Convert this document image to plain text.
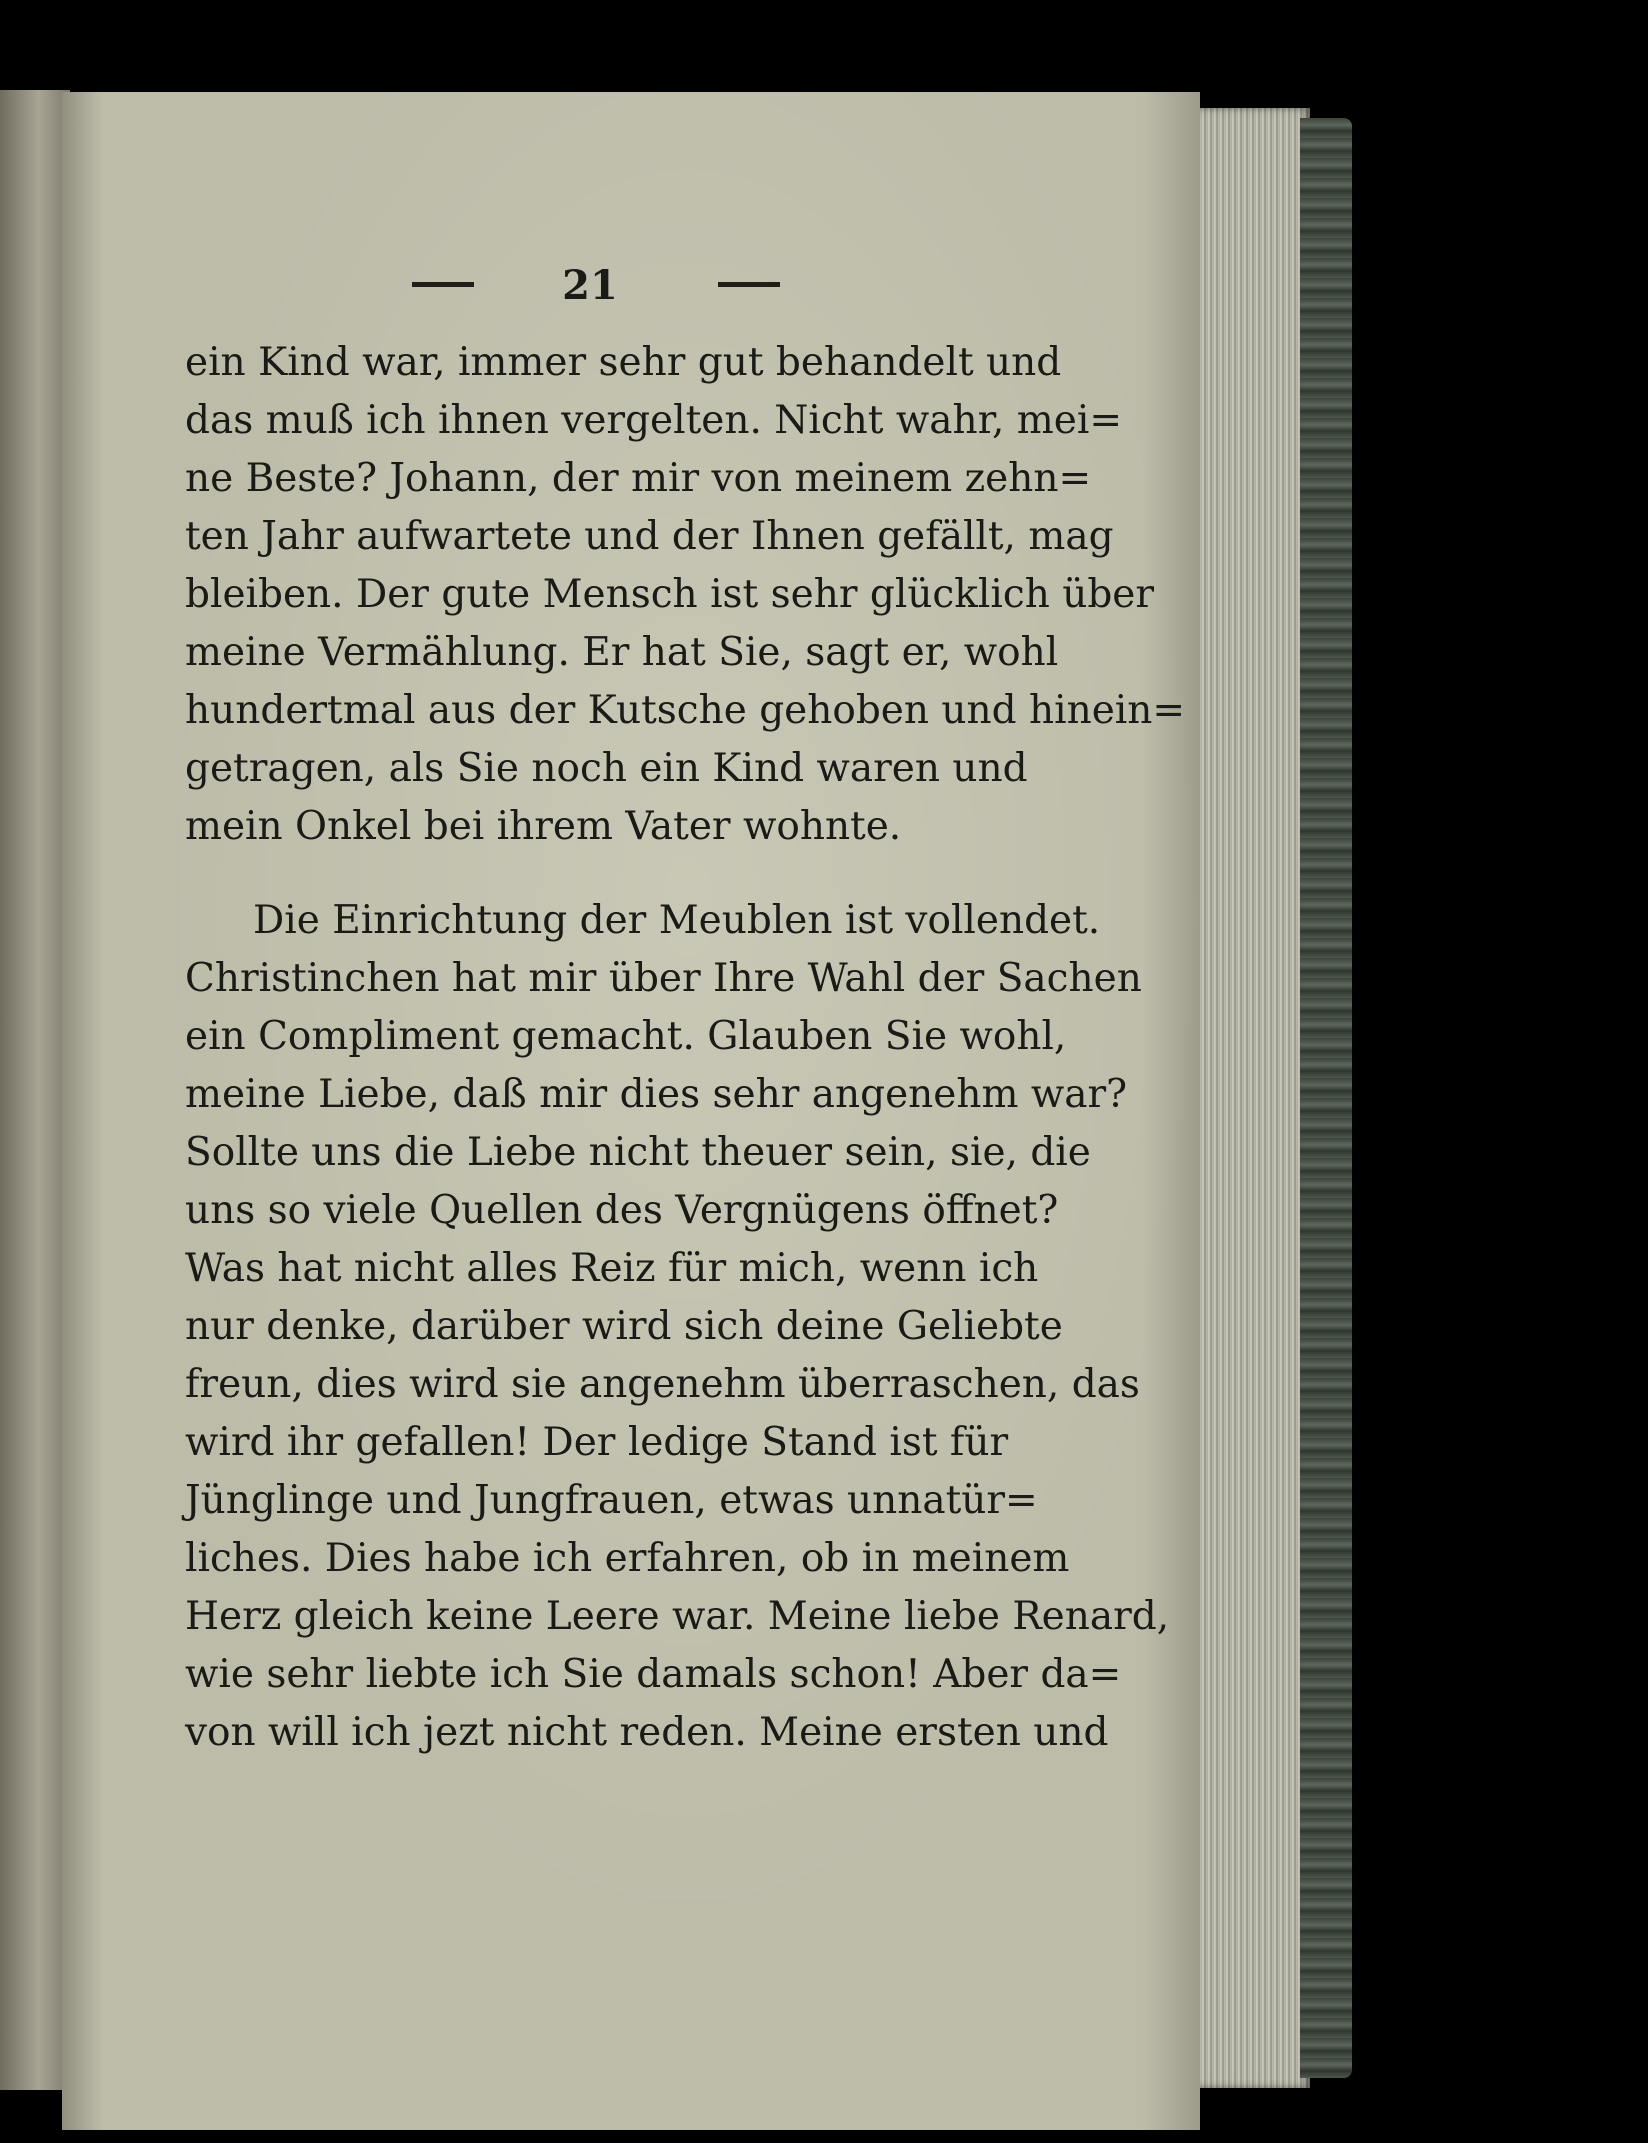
21
ein Kind war, immer sehr gut behandelt und
das muß ich ihnen vergelten. Nicht wahr, mei=
ne Beste? Johann, der mir von meinem zehn=
ten Jahr aufwartete und der Ihnen gefällt, mag
bleiben. Der gute Mensch ist sehr glücklich über
meine Vermählung. Er hat Sie, sagt er, wohl
hundertmal aus der Kutsche gehoben und hinein=
getragen, als Sie noch ein Kind waren und
mein Onkel bei ihrem Vater wohnte.
Die Einrichtung der Meublen ist vollendet.
Christinchen hat mir über Ihre Wahl der Sachen
ein Compliment gemacht. Glauben Sie wohl,
meine Liebe, daß mir dies sehr angenehm war?
Sollte uns die Liebe nicht theuer sein, sie, die
uns so viele Quellen des Vergnügens öffnet?
Was hat nicht alles Reiz für mich, wenn ich
nur denke, darüber wird sich deine Geliebte
freun, dies wird sie angenehm überraschen, das
wird ihr gefallen! Der ledige Stand ist für
Jünglinge und Jungfrauen, etwas unnatür=
liches. Dies habe ich erfahren, ob in meinem
Herz gleich keine Leere war. Meine liebe Renard,
wie sehr liebte ich Sie damals schon! Aber da=
von will ich jezt nicht reden. Meine ersten und
